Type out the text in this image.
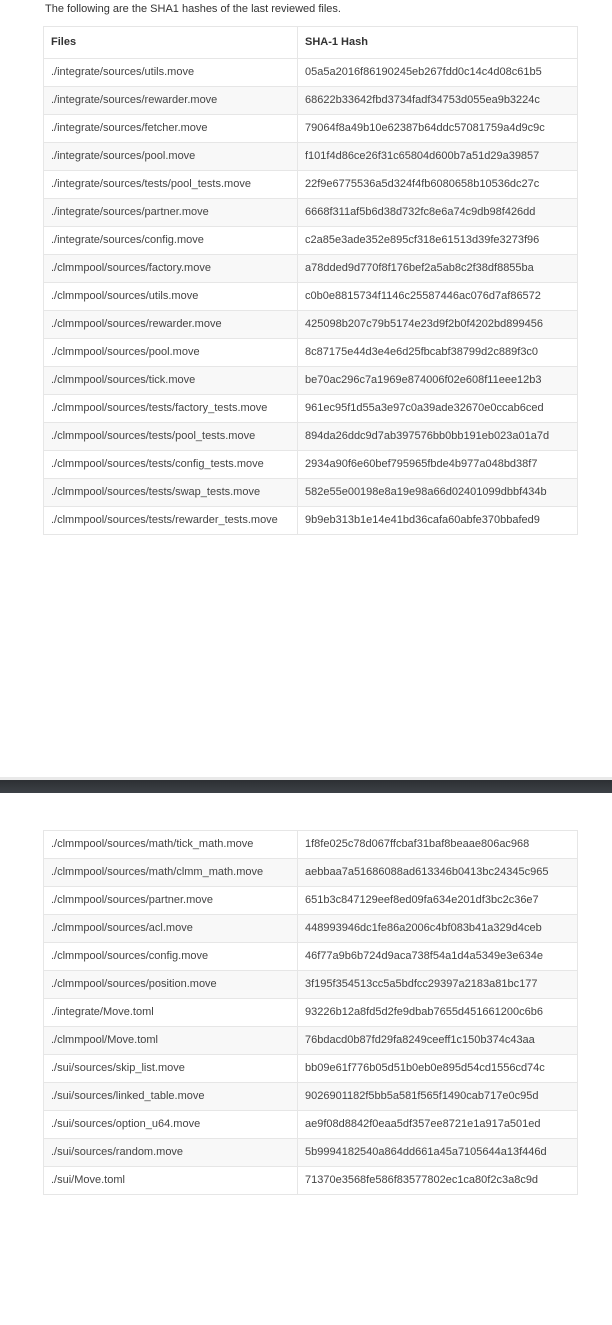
The following are the SHA1 hashes of the last reviewed files.
Files	SHA-1 Hash
./integrate/sources/utils.move	05a5a2016f86190245eb267fdd0c14c4d08c61b5
./integrate/sources/rewarder.move	68622b33642fbd3734fadf34753d055ea9b3224c
./integrate/sources/fetcher.move	79064f8a49b10e62387b64ddc57081759a4d9c9c
./integrate/sources/pool.move	f101f4d86ce26f31c65804d600b7a51d29a39857
./integrate/sources/tests/pool_tests.move	22f9e6775536a5d324f4fb6080658b10536dc27c
./integrate/sources/partner.move	6668f311af5b6d38d732fc8e6a74c9db98f426dd
./integrate/sources/config.move	c2a85e3ade352e895cf318e61513d39fe3273f96
./clmmpool/sources/factory.move	a78dded9d770f8f176bef2a5ab8c2f38df8855ba
./clmmpool/sources/utils.move	c0b0e8815734f1146c25587446ac076d7af86572
./clmmpool/sources/rewarder.move	425098b207c79b5174e23d9f2b0f4202bd899456
./clmmpool/sources/pool.move	8c87175e44d3e4e6d25fbcabf38799d2c889f3c0
./clmmpool/sources/tick.move	be70ac296c7a1969e874006f02e608f11eee12b3
./clmmpool/sources/tests/factory_tests.move	961ec95f1d55a3e97c0a39ade32670e0ccab6ced
./clmmpool/sources/tests/pool_tests.move	894da26ddc9d7ab397576bb0bb191eb023a01a7d
./clmmpool/sources/tests/config_tests.move	2934a90f6e60bef795965fbde4b977a048bd38f7
./clmmpool/sources/tests/swap_tests.move	582e55e00198e8a19e98a66d02401099dbbf434b
./clmmpool/sources/tests/rewarder_tests.move	9b9eb313b1e14e41bd36cafa60abfe370bbafed9
./clmmpool/sources/math/tick_math.move	1f8fe025c78d067ffcbaf31baf8beaae806ac968
./clmmpool/sources/math/clmm_math.move	aebbaa7a51686088ad613346b0413bc24345c965
./clmmpool/sources/partner.move	651b3c847129eef8ed09fa634e201df3bc2c36e7
./clmmpool/sources/acl.move	448993946dc1fe86a2006c4bf083b41a329d4ceb
./clmmpool/sources/config.move	46f77a9b6b724d9aca738f54a1d4a5349e3e634e
./clmmpool/sources/position.move	3f195f354513cc5a5bdfcc29397a2183a81bc177
./integrate/Move.toml	93226b12a8fd5d2fe9dbab7655d451661200c6b6
./clmmpool/Move.toml	76bdacd0b87fd29fa8249ceeff1c150b374c43aa
./sui/sources/skip_list.move	bb09e61f776b05d51b0eb0e895d54cd1556cd74c
./sui/sources/linked_table.move	9026901182f5bb5a581f565f1490cab717e0c95d
./sui/sources/option_u64.move	ae9f08d8842f0eaa5df357ee8721e1a917a501ed
./sui/sources/random.move	5b9994182540a864dd661a45a7105644a13f446d
./sui/Move.toml	71370e3568fe586f83577802ec1ca80f2c3a8c9d
